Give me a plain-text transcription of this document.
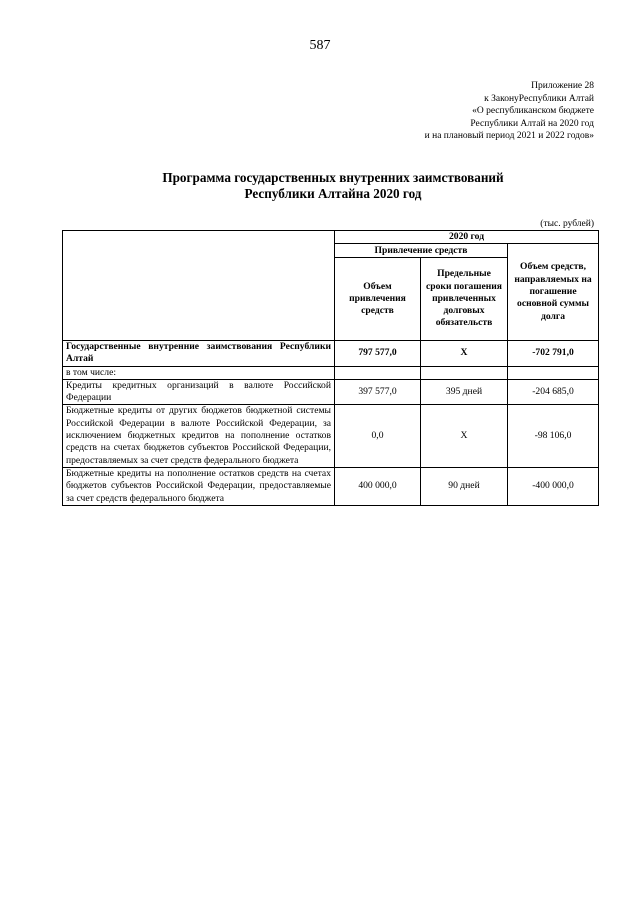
587
Приложение 28
к ЗаконуРеспублики Алтай
«О республиканском бюджете
Республики Алтай на 2020 год
и на плановый период 2021 и 2022 годов»
Программа государственных внутренних заимствований
Республики Алтайна 2020 год
(тыс. рублей)
	2020 год		
	Привлечение средств		Объем средств, направляемых на погашение основной суммы долга
	Объем привлечения средств	Предельные сроки погашения привлеченных долговых обязательств	
Государственные внутренние заимствования Республики Алтай	797 577,0	Х	-702 791,0
в том числе:			
Кредиты кредитных организаций в валюте Российской Федерации	397 577,0	395 дней	-204 685,0
Бюджетные кредиты от других бюджетов бюджетной системы Российской Федерации в валюте Российской Федерации, за исключением бюджетных кредитов на пополнение остатков средств на счетах бюджетов субъектов Российской Федерации, предоставляемых за счет средств федерального бюджета	0,0	Х	-98 106,0
Бюджетные кредиты на пополнение остатков средств на счетах бюджетов субъектов Российской Федерации, предоставляемые за счет средств федерального бюджета	400 000,0	90 дней	-400 000,0
